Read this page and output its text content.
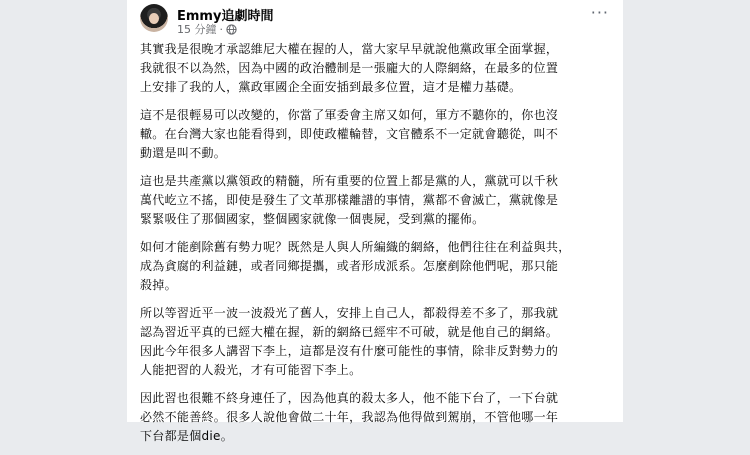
Emmy追劇時間
15 分鐘 ·
···

其實我是很晚才承認維尼大權在握的人，當大家早早就說他黨政軍全面掌握，
我就很不以為然，因為中國的政治體制是一張龐大的人際網絡，在最多的位置
上安排了我的人，黨政軍國企全面安插到最多位置，這才是權力基礎。

這不是很輕易可以改變的，你當了軍委會主席又如何，軍方不聽你的，你也沒
轍。在台灣大家也能看得到，即使政權輪替，文官體系不一定就會聽從，叫不
動還是叫不動。

這也是共產黨以黨領政的精髓，所有重要的位置上都是黨的人，黨就可以千秋
萬代屹立不搖，即使是發生了文革那樣離譜的事情，黨都不會滅亡，黨就像是
緊緊吸住了那個國家，整個國家就像一個喪屍，受到黨的擺佈。

如何才能剷除舊有勢力呢？既然是人與人所編織的網絡，他們往往在利益與共，
成為貪腐的利益鏈，或者同鄉提攜，或者形成派系。怎麼剷除他們呢，那只能
殺掉。

所以等習近平一波一波殺光了舊人，安排上自己人，都殺得差不多了，那我就
認為習近平真的已經大權在握，新的網絡已經牢不可破，就是他自己的網絡。
因此今年很多人講習下李上，這都是沒有什麼可能性的事情，除非反對勢力的
人能把習的人殺光，才有可能習下李上。

因此習也很難不終身連任了，因為他真的殺太多人，他不能下台了，一下台就
必然不能善終。很多人說他會做二十年，我認為他得做到駕崩，不管他哪一年
下台都是個die。
